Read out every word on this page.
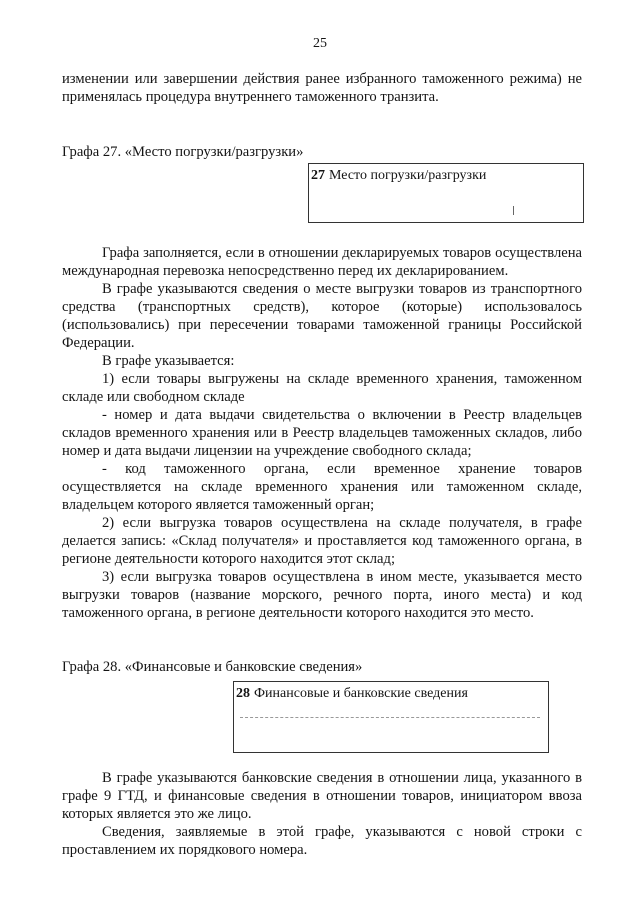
25

изменении или завершении действия ранее избранного таможенного режима) не применялась процедура внутреннего таможенного транзита.

Графа 27. «Место погрузки/разгрузки»
27 Место погрузки/разгрузки

Графа заполняется, если в отношении декларируемых товаров осуществлена международная перевозка непосредственно перед их декларированием.

В графе указываются сведения о месте выгрузки товаров из транспортного средства (транспортных средств), которое (которые) использовалось (использовались) при пересечении товарами таможенной границы Российской Федерации.

В графе указывается:

1) если товары выгружены на складе временного хранения, таможенном складе или свободном складе

- номер и дата выдачи свидетельства о включении в Реестр владельцев складов временного хранения или в Реестр владельцев таможенных складов, либо номер и дата выдачи лицензии на учреждение свободного склада;

- код таможенного органа, если временное хранение товаров осуществляется на складе временного хранения или таможенном складе, владельцем которого является таможенный орган;

2) если выгрузка товаров осуществлена на складе получателя, в графе делается запись: «Склад получателя» и проставляется код таможенного органа, в регионе деятельности которого находится этот склад;

3) если выгрузка товаров осуществлена в ином месте, указывается место выгрузки товаров (название морского, речного порта, иного места) и код таможенного органа, в регионе деятельности которого находится это место.

Графа 28. «Финансовые и банковские сведения»
28 Финансовые и банковские сведения

В графе указываются банковские сведения в отношении лица, указанного в графе 9 ГТД, и финансовые сведения в отношении товаров, инициатором ввоза которых является это же лицо.

Сведения, заявляемые в этой графе, указываются с новой строки с проставлением их порядкового номера.
